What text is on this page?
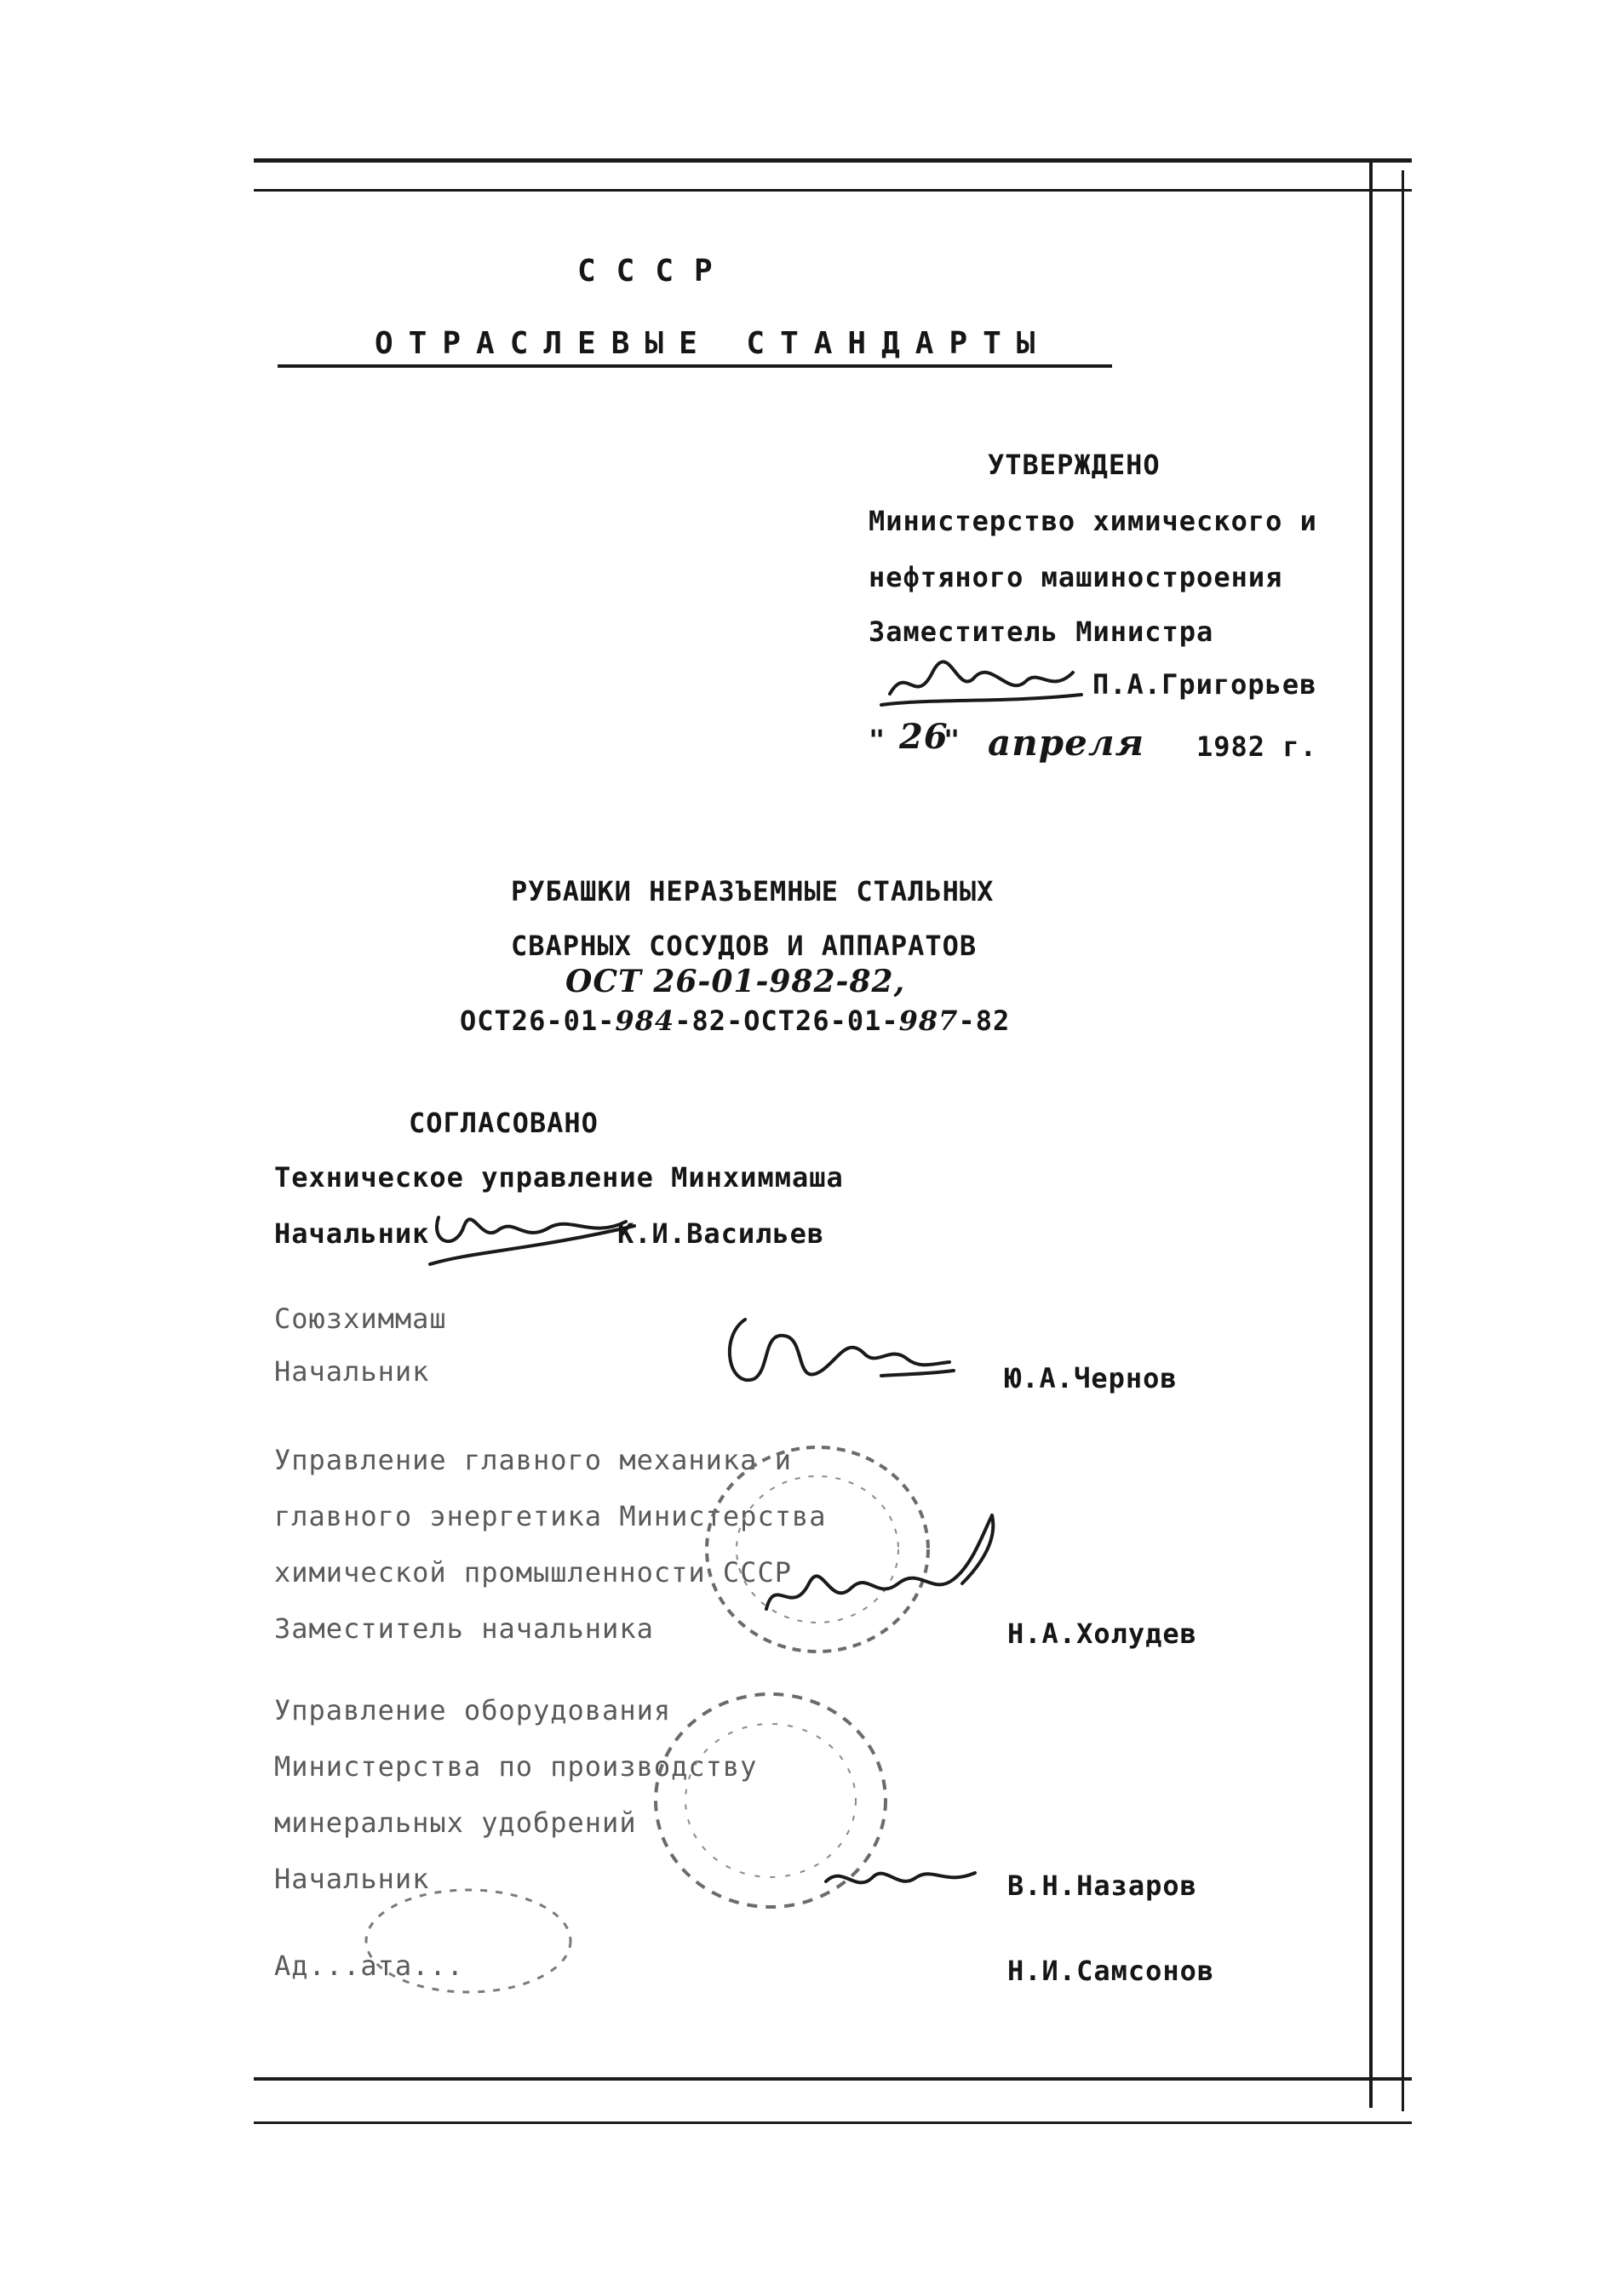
СССР
ОТРАСЛЕВЫЕ СТАНДАРТЫ
УТВЕРЖДЕНО
Министерство химического и
нефтяного машиностроения
Заместитель Министра
П.А.Григорьев
" 26
" апреля 1982 г.
РУБАШКИ НЕРАЗЪЕМНЫЕ СТАЛЬНЫХ
СВАРНЫХ СОСУДОВ И АППАРАТОВ
ОСТ 26-01-982-82,
ОСТ26-01-984-82-ОСТ26-01-987-82
СОГЛАСОВАНО
Техническое управление Минхиммаша
Начальник	К.И.Васильев
Союзхиммаш
Начальник	Ю.А.Чернов
Управление главного механика и
главного энергетика Министерства
химической промышленности СССР
Заместитель начальника	Н.А.Холудев
Управление оборудования
Министерства по производству
минеральных удобрений
Начальник	В.Н.Назаров
Ад...ата...	Н.И.Самсонов
